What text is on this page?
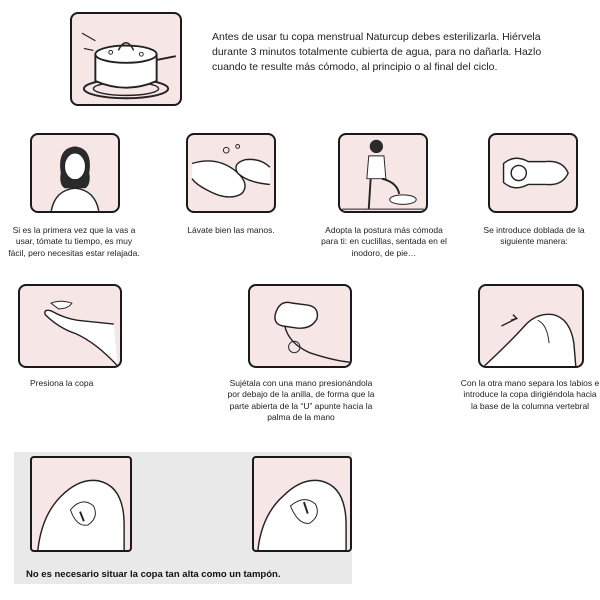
Antes de usar tu copa menstrual Naturcup debes esterilizarla. Hiérvela durante 3 minutos totalmente cubierta de agua, para no dañarla. Hazlo cuando te resulte más cómodo, al principio o al final del ciclo.
Si es la primera vez que la vas a usar, tómate tu tiempo, es muy fácil, pero necesitas estar relajada.
Lávate bien las manos.	Adopta la postura más cómoda para ti: en cuclillas, sentada en el inodoro, de pie…
Se introduce doblada de la siguiente manera:
Presiona la copa	Sujétala con una mano presionándola por debajo de la anilla, de forma que la parte abierta de la “U” apunte hacia la palma de la mano
Con la otra mano separa los labios e introduce la copa dirigiéndola hacia la base de la columna vertebral
No es necesario situar la copa tan alta como un tampón.
